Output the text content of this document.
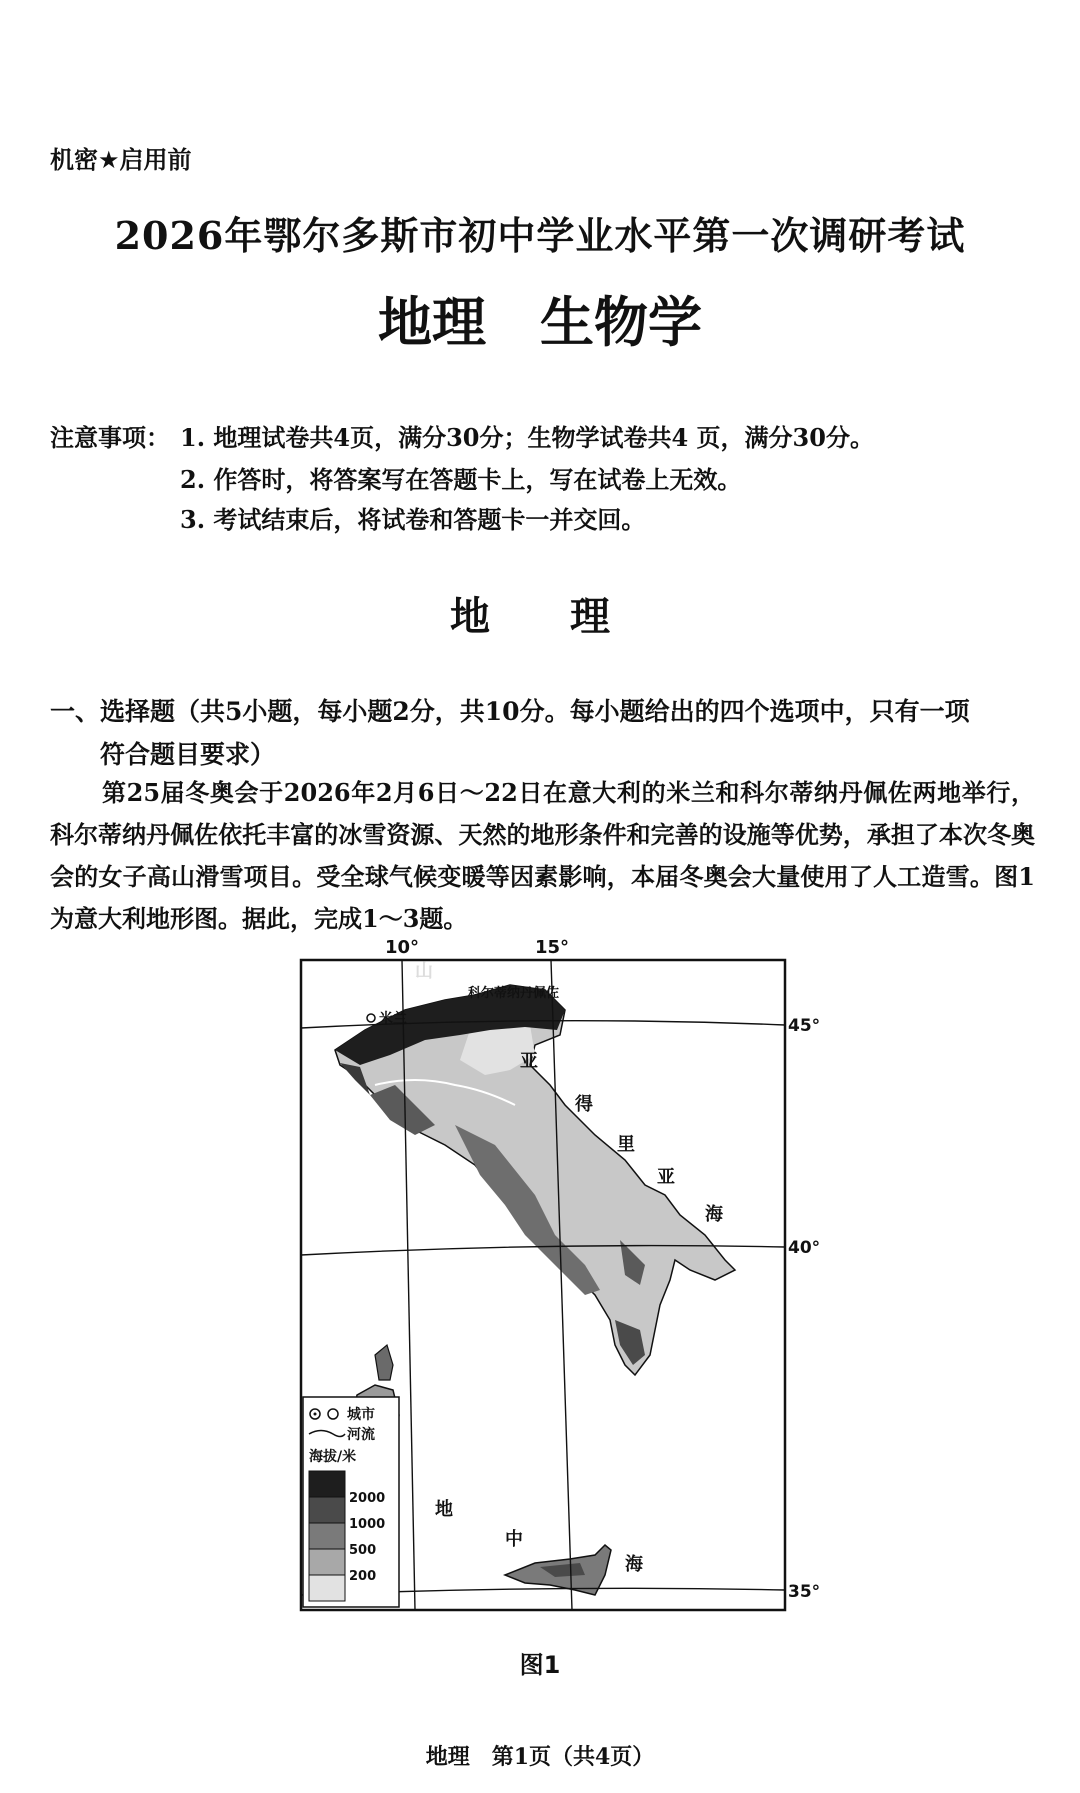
机密★启用前
2026年鄂尔多斯市初中学业水平第一次调研考试
地理　生物学
注意事项： 1. 地理试卷共4页，满分30分；生物学试卷共4 页，满分30分。
2. 作答时，将答案写在答题卡上，写在试卷上无效。
3. 考试结束后，将试卷和答题卡一并交回。
地　理
一、选择题（共5小题，每小题2分，共10分。每小题给出的四个选项中，只有一项
符合题目要求）
第25届冬奥会于2026年2月6日～22日在意大利的米兰和科尔蒂纳丹佩佐两地举行，科尔蒂纳丹佩佐依托丰富的冰雪资源、天然的地形条件和完善的设施等优势，承担了本次冬奥会的女子高山滑雪项目。受全球气候变暖等因素影响，本届冬奥会大量使用了人工造雪。图1为意大利地形图。据此，完成1～3题。
10°	15°
45°
40°
35°
科尔蒂纳丹佩佐
米兰
山
亚
得
里
亚
海
地
中
海
城市
河流
海拔/米
2000
1000
500
200
图1
地理　第1页（共4页）
